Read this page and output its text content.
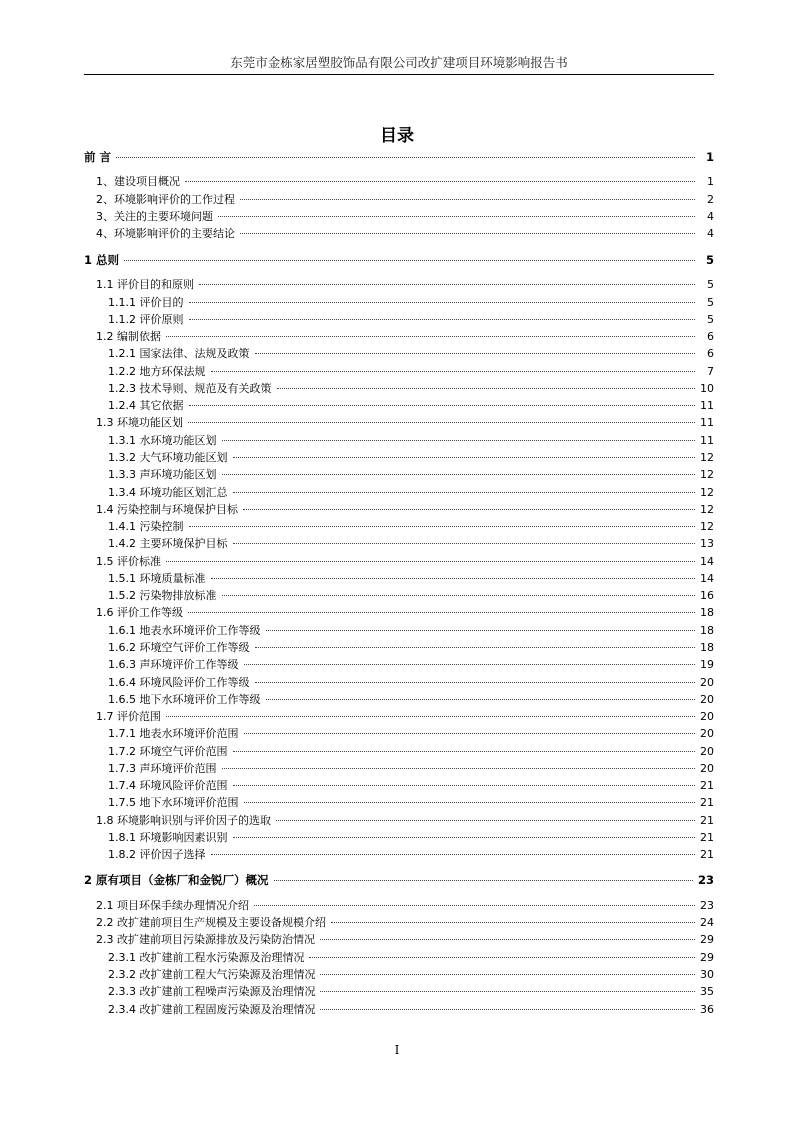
东莞市金栋家居塑胶饰品有限公司改扩建项目环境影响报告书
目录
前 言	1
1、建设项目概况	1
2、环境影响评价的工作过程	2
3、关注的主要环境问题	4
4、环境影响评价的主要结论	4
1 总则	5
1.1 评价目的和原则	5
1.1.1 评价目的	5
1.1.2 评价原则	5
1.2 编制依据	6
1.2.1 国家法律、法规及政策	6
1.2.2 地方环保法规	7
1.2.3 技术导则、规范及有关政策	10
1.2.4 其它依据	11
1.3 环境功能区划	11
1.3.1 水环境功能区划	11
1.3.2 大气环境功能区划	12
1.3.3 声环境功能区划	12
1.3.4 环境功能区划汇总	12
1.4 污染控制与环境保护目标	12
1.4.1 污染控制	12
1.4.2 主要环境保护目标	13
1.5 评价标准	14
1.5.1 环境质量标准	14
1.5.2 污染物排放标准	16
1.6 评价工作等级	18
1.6.1 地表水环境评价工作等级	18
1.6.2 环境空气评价工作等级	18
1.6.3 声环境评价工作等级	19
1.6.4 环境风险评价工作等级	20
1.6.5 地下水环境评价工作等级	20
1.7 评价范围	20
1.7.1 地表水环境评价范围	20
1.7.2 环境空气评价范围	20
1.7.3 声环境评价范围	20
1.7.4 环境风险评价范围	21
1.7.5 地下水环境评价范围	21
1.8 环境影响识别与评价因子的选取	21
1.8.1 环境影响因素识别	21
1.8.2 评价因子选择	21
2 原有项目（金栋厂和金锐厂）概况	23
2.1 项目环保手续办理情况介绍	23
2.2 改扩建前项目生产规模及主要设备规模介绍	24
2.3 改扩建前项目污染源排放及污染防治情况	29
2.3.1 改扩建前工程水污染源及治理情况	29
2.3.2 改扩建前工程大气污染源及治理情况	30
2.3.3 改扩建前工程噪声污染源及治理情况	35
2.3.4 改扩建前工程固废污染源及治理情况	36
I
